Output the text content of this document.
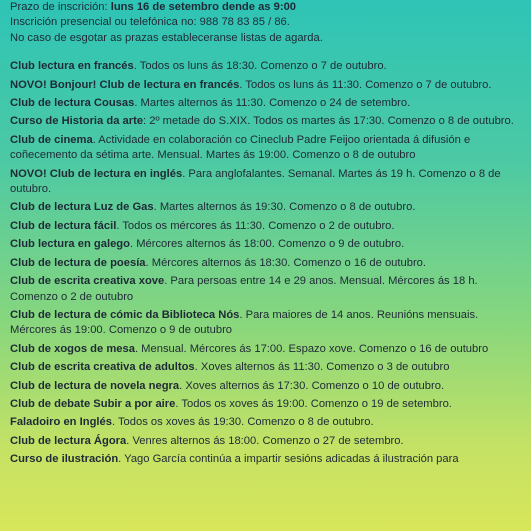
Prazo de inscrición: luns 16 de setembro dende as 9:00
Inscrición presencial ou telefónica no: 988 78 83 85 / 86.
No caso de esgotar as prazas estableceranse listas de agarda.
Club lectura en francés. Todos os luns ás 18:30. Comenzo o 7 de outubro.
NOVO! Bonjour! Club de lectura en francés. Todos os luns ás 11:30. Comenzo o 7 de outubro.
Club de lectura Cousas. Martes alternos ás 11:30. Comenzo o 24 de setembro.
Curso de Historia da arte: 2º metade do S.XIX. Todos os martes ás 17:30. Comenzo o 8 de outubro.
Club de cinema. Actividade en colaboración co Cineclub Padre Feijoo orientada á difusión e coñecemento da sétima arte. Mensual. Martes ás 19:00. Comenzo o 8 de outubro
NOVO! Club de lectura en inglés. Para anglofalantes. Semanal. Martes ás 19 h. Comenzo o 8 de outubro.
Club de lectura Luz de Gas. Martes alternos ás 19:30. Comenzo o 8 de outubro.
Club de lectura fácil. Todos os mércores ás 11:30. Comenzo o 2 de outubro.
Club lectura en galego. Mércores alternos ás 18:00. Comenzo o 9 de outubro.
Club de lectura de poesía. Mércores alternos ás 18:30. Comenzo o 16 de outubro.
Club de escrita creativa xove. Para persoas entre 14 e 29 anos. Mensual. Mércores ás 18 h. Comenzo o 2 de outubro
Club de lectura de cómic da Biblioteca Nós. Para maiores de 14 anos. Reunións mensuais. Mércores ás 19:00. Comenzo o 9 de outubro
Club de xogos de mesa. Mensual. Mércores ás 17:00. Espazo xove. Comenzo o 16 de outubro
Club de escrita creativa de adultos. Xoves alternos ás 11:30. Comenzo o 3 de outubro
Club de lectura de novela negra. Xoves alternos ás 17:30. Comenzo o 10 de outubro.
Club de debate Subir a por aire. Todos os xoves ás 19:00. Comenzo o 19 de setembro.
Faladoiro en Inglés. Todos os xoves ás 19:30. Comenzo o 8 de outubro.
Club de lectura Ágora. Venres alternos ás 18:00. Comenzo o 27 de setembro.
Curso de ilustración. Yago García continúa a impartir sesións adicadas á ilustración para
